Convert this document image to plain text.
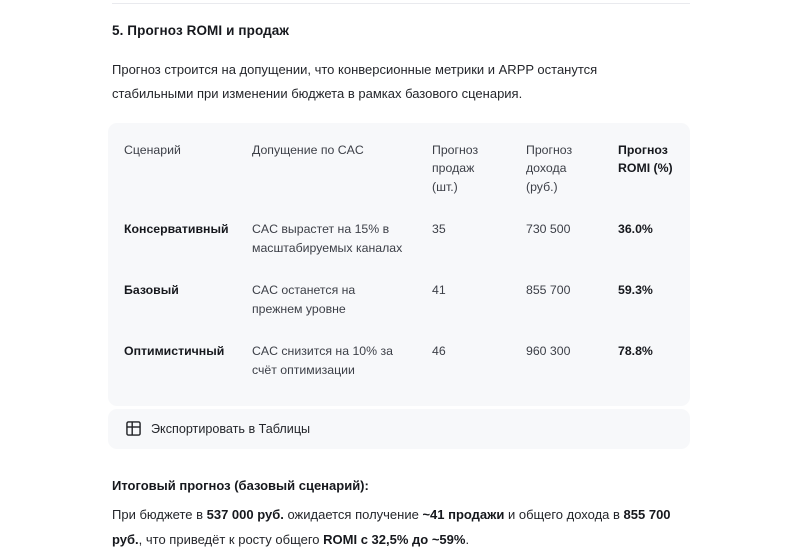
5. Прогноз ROMI и продаж

Прогноз строится на допущении, что конверсионные метрики и ARPP останутся стабильными при изменении бюджета в рамках базового сценария.

Сценарий	Допущение по CAC	Прогноз продаж (шт.)	Прогноз дохода (руб.)	Прогноз ROMI (%)
Консервативный	CAC вырастет на 15% в масштабируемых каналах	35	730 500	36.0%
Базовый	CAC останется на прежнем уровне	41	855 700	59.3%
Оптимистичный	CAC снизится на 10% за счёт оптимизации	46	960 300	78.8%
Экспортировать в Таблицы

Итоговый прогноз (базовый сценарий):

При бюджете в 537 000 руб. ожидается получение ~41 продажи и общего дохода в 855 700 руб., что приведёт к росту общего ROMI с 32,5% до ~59%.
